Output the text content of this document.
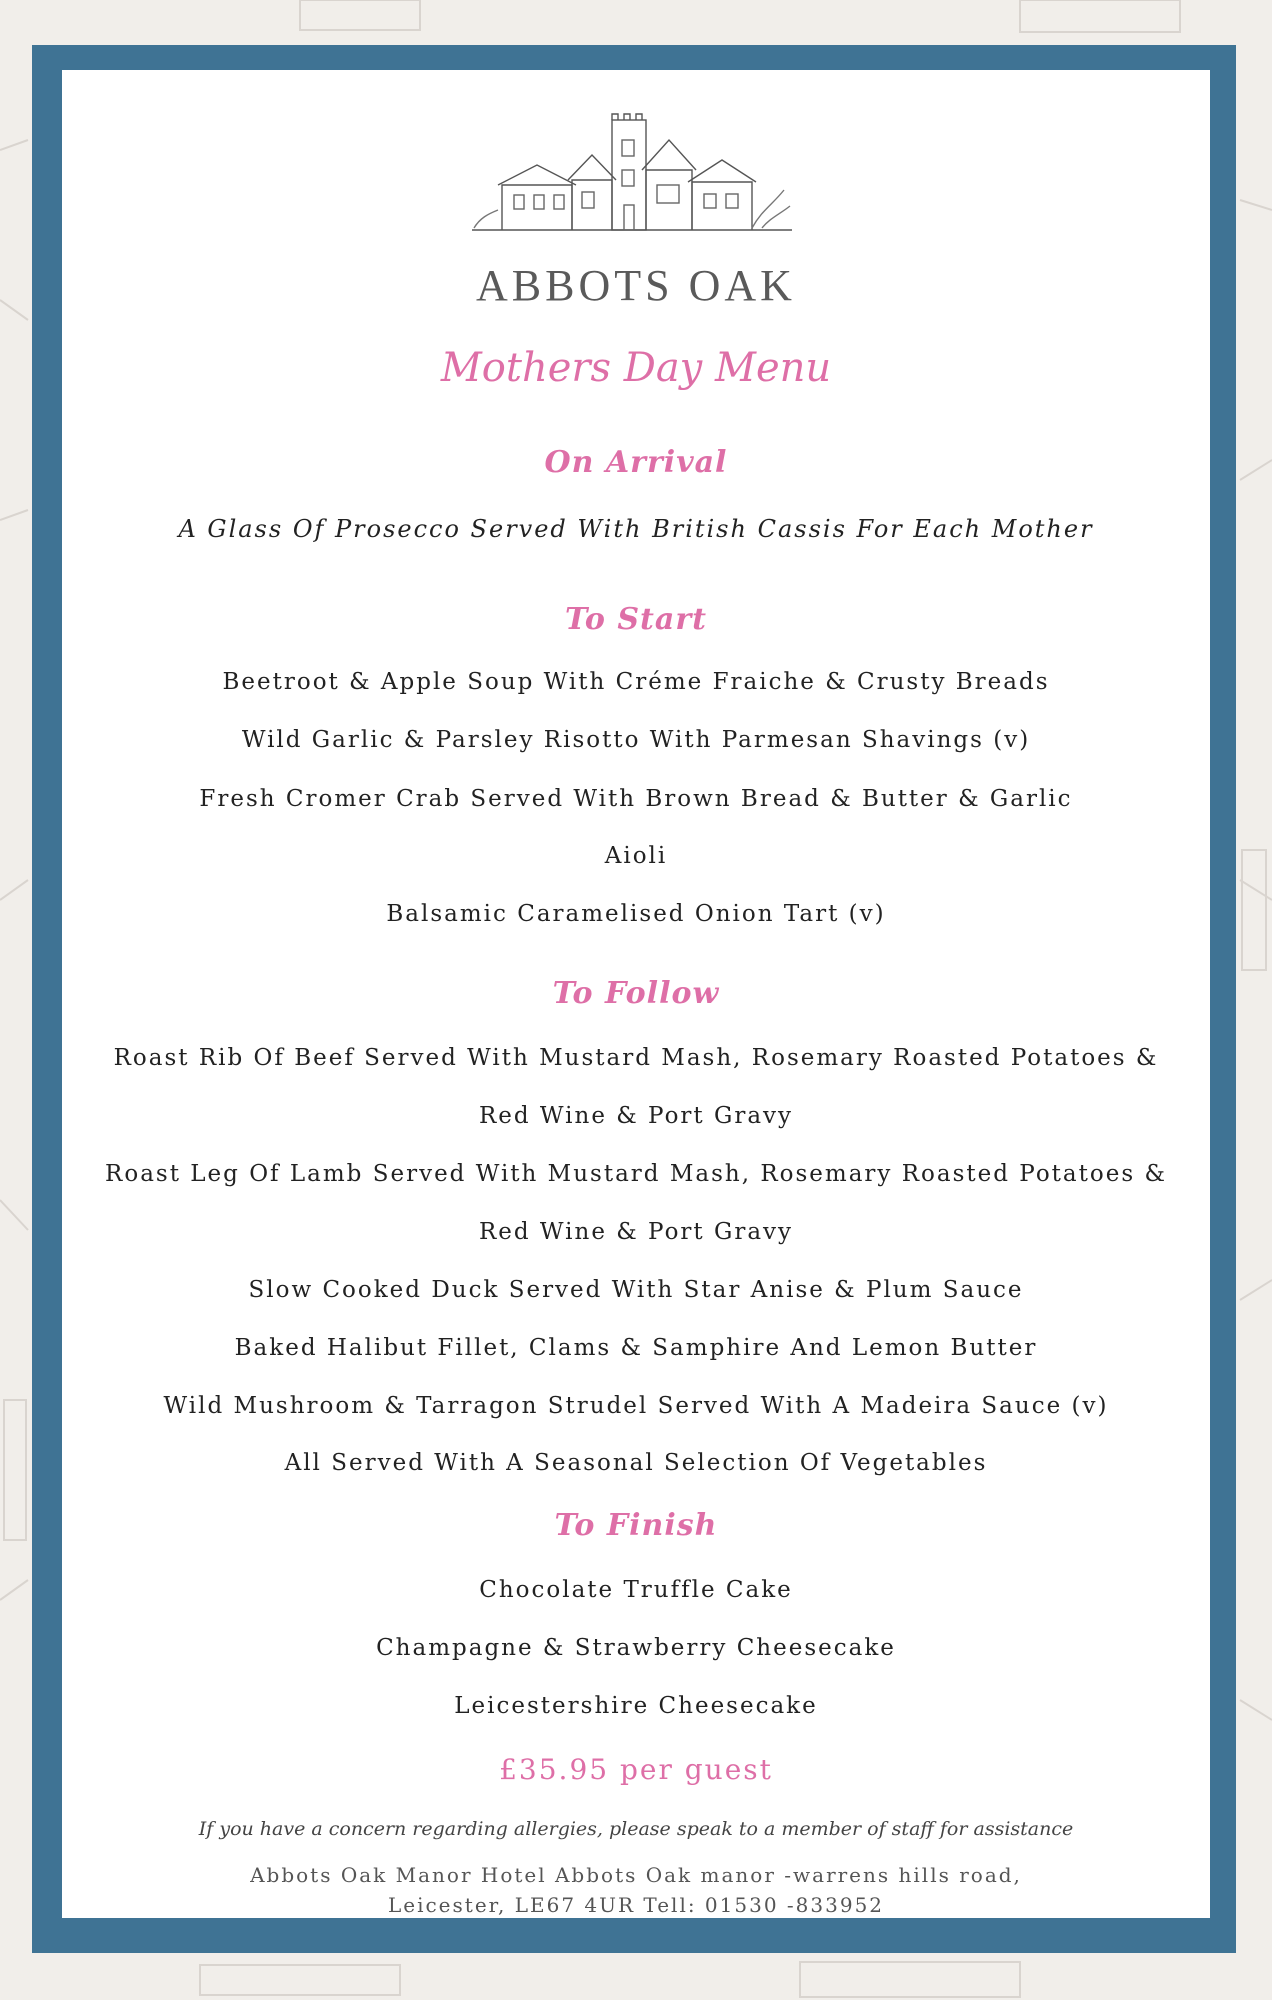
ABBOTS OAK
Mothers Day Menu
On Arrival
A Glass Of Prosecco Served With British Cassis For Each Mother
To Start
Beetroot & Apple Soup With Créme Fraiche & Crusty Breads
Wild Garlic & Parsley Risotto With Parmesan Shavings (v)
Fresh Cromer Crab Served With Brown Bread & Butter & Garlic
Aioli
Balsamic Caramelised Onion Tart (v)
To Follow
Roast Rib Of Beef Served With Mustard Mash, Rosemary Roasted Potatoes &
Red Wine & Port Gravy
Roast Leg Of Lamb Served With Mustard Mash, Rosemary Roasted Potatoes &
Red Wine & Port Gravy
Slow Cooked Duck Served With Star Anise & Plum Sauce
Baked Halibut Fillet, Clams & Samphire And Lemon Butter
Wild Mushroom & Tarragon Strudel Served With A Madeira Sauce (v)
All Served With A Seasonal Selection Of Vegetables
To Finish
Chocolate Truffle Cake
Champagne & Strawberry Cheesecake
Leicestershire Cheesecake
£35.95 per guest
If you have a concern regarding allergies, please speak to a member of staff for assistance
Abbots Oak Manor Hotel Abbots Oak manor -warrens hills road,
Leicester, LE67 4UR Tell: 01530 -833952
